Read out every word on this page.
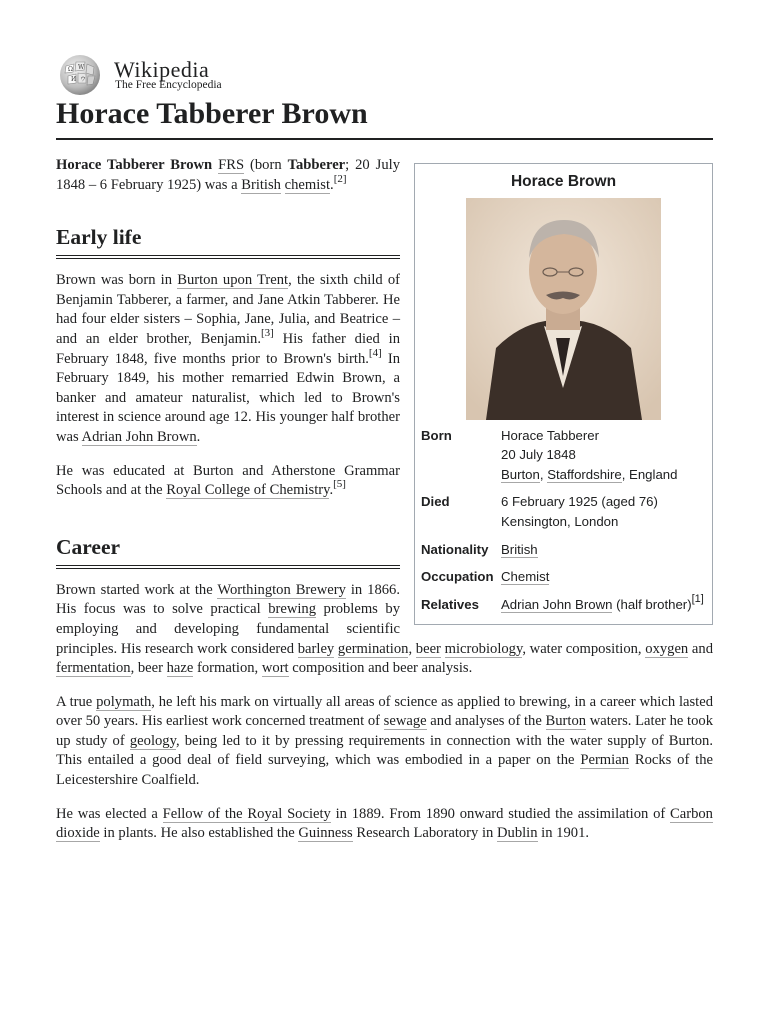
Ω W
И ウ Wikipedia
The Free Encyclopedia
Horace Tabberer Brown
Horace Brown
Born	Horace Tabberer
20 July 1848
Burton, Staffordshire, England
Died	6 February 1925 (aged 76)
Kensington, London
Nationality British
Occupation Chemist
Relatives	Adrian John Brown (half brother)[1]

Horace Tabberer Brown FRS (born Tabberer; 20 July 1848 – 6 February 1925) was a British chemist.[2]

Early life

Brown was born in Burton upon Trent, the sixth child of Benjamin Tabberer, a farmer, and Jane Atkin Tabberer. He had four elder sisters – Sophia, Jane, Julia, and Beatrice – and an elder brother, Benjamin.[3] His father died in February 1848, five months prior to Brown's birth.[4] In February 1849, his mother remarried Edwin Brown, a banker and amateur naturalist, which led to Brown's interest in science around age 12. His younger half brother was Adrian John Brown.

He was educated at Burton and Atherstone Grammar Schools and at the Royal College of Chemistry.[5]

Career

Brown started work at the Worthington Brewery in 1866. His focus was to solve practical brewing problems by employing and developing fundamental scientific principles. His research work considered barley germination, beer microbiology, water composition, oxygen and fermentation, beer haze formation, wort composition and beer analysis.

A true polymath, he left his mark on virtually all areas of science as applied to brewing, in a career which lasted over 50 years. His earliest work concerned treatment of sewage and analyses of the Burton waters. Later he took up study of geology, being led to it by pressing requirements in connection with the water supply of Burton. This entailed a good deal of field surveying, which was embodied in a paper on the Permian Rocks of the Leicestershire Coalfield.

He was elected a Fellow of the Royal Society in 1889. From 1890 onward studied the assimilation of Carbon dioxide in plants. He also established the Guinness Research Laboratory in Dublin in 1901.
